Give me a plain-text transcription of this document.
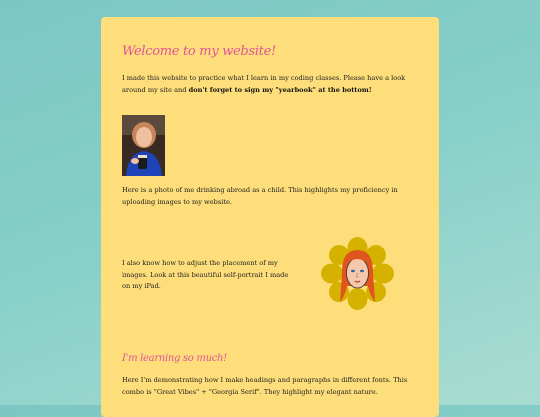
Welcome to my website!
I made this website to practice what I learn in my coding classes. Please have a look around my site and don't forget to sign my "yearbook" at the bottom!
Here is a photo of me drinking abroad as a child. This highlights my proficiency in uploading images to my website.
I also know how to adjust the placement of my images. Look at this beautiful self-portrait I made on my iPad.
I'm learning so much!
Here I'm demonstrating how I make headings and paragraphs in different fonts. This combo is "Great Vibes" + "Georgia Serif". They highlight my elegant nature.
